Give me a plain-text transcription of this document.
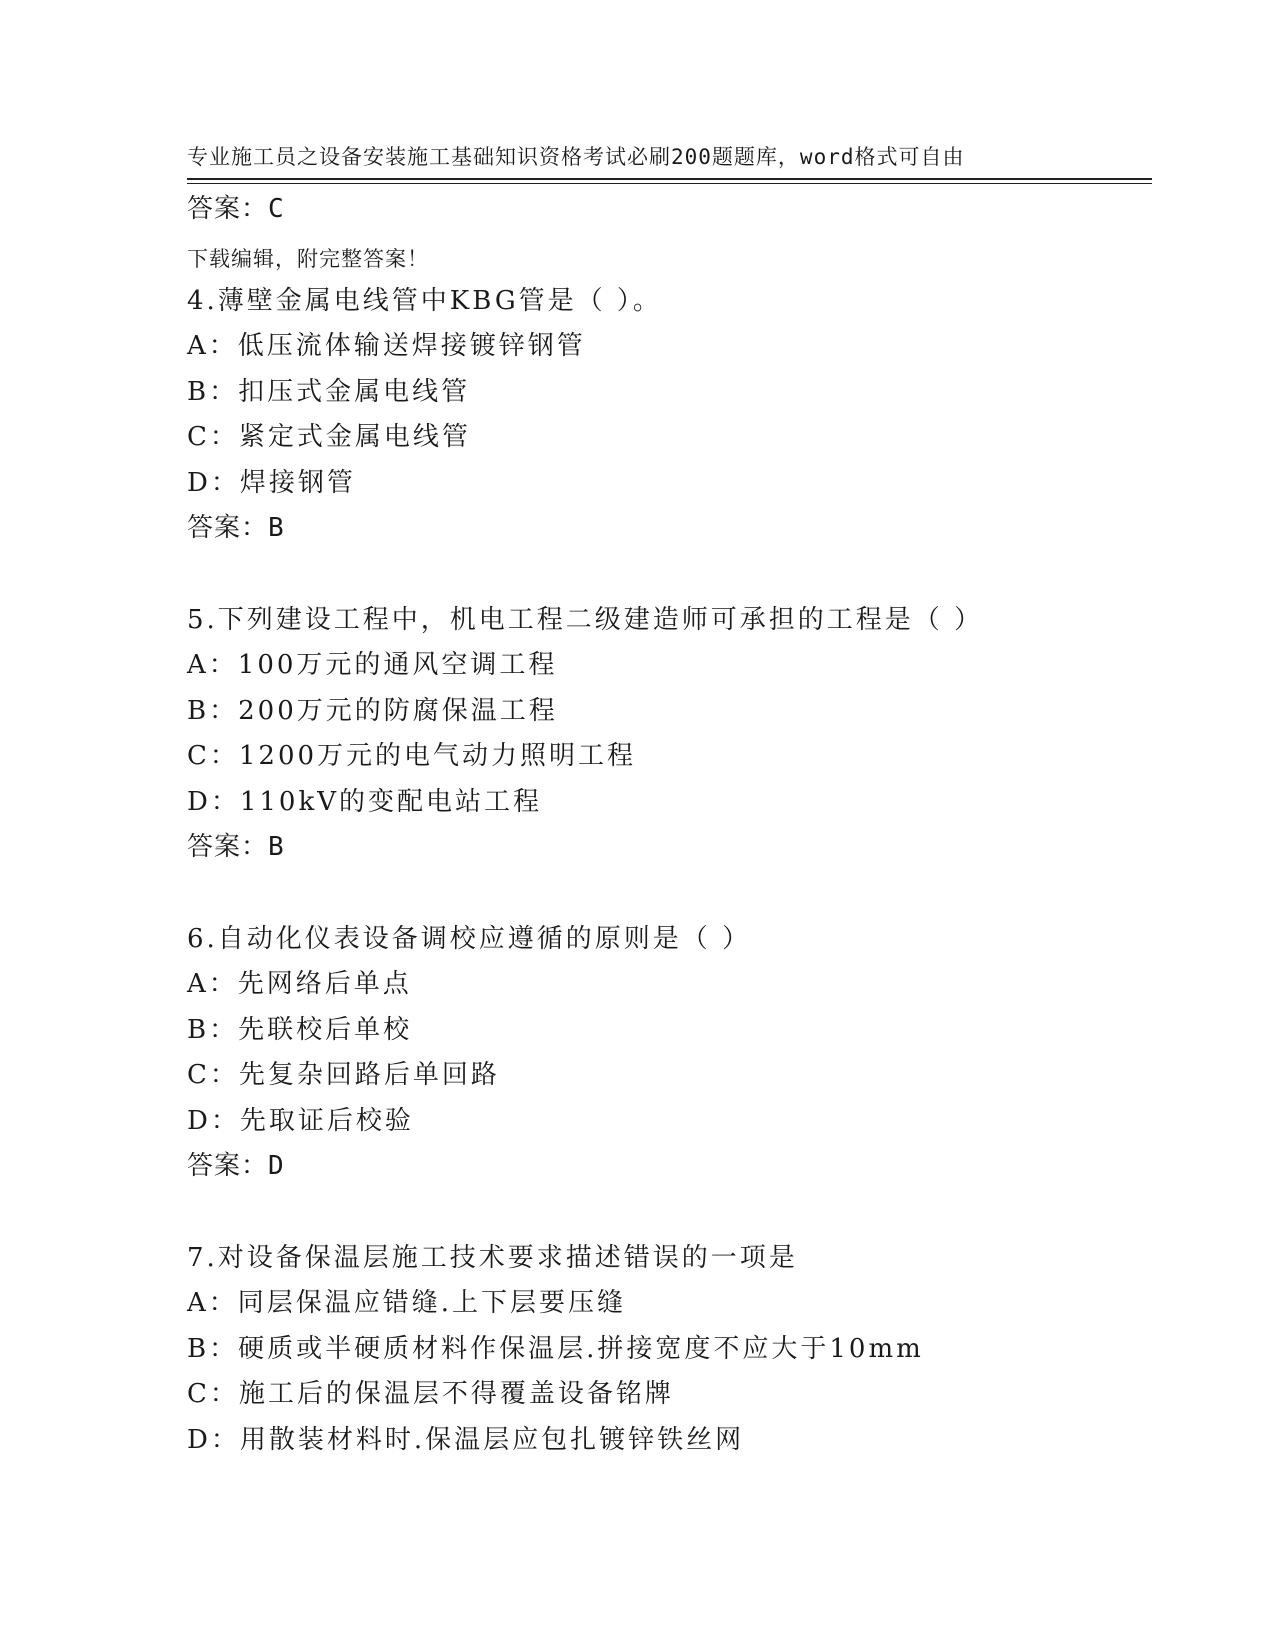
专业施工员之设备安装施工基础知识资格考试必刷200题题库，word格式可自由

下载编辑，附完整答案！

答案：C
4.薄壁金属电线管中KBG管是（ ）。
A：低压流体输送焊接镀锌钢管
B：扣压式金属电线管
C：紧定式金属电线管
D：焊接钢管
答案：B
5.下列建设工程中，机电工程二级建造师可承担的工程是（ ）
A：100万元的通风空调工程
B：200万元的防腐保温工程
C：1200万元的电气动力照明工程
D：110kV的变配电站工程
答案：B
6.自动化仪表设备调校应遵循的原则是（ ）
A：先网络后单点
B：先联校后单校
C：先复杂回路后单回路
D：先取证后校验
答案：D
7.对设备保温层施工技术要求描述错误的一项是
A：同层保温应错缝.上下层要压缝
B：硬质或半硬质材料作保温层.拼接宽度不应大于10mm
C：施工后的保温层不得覆盖设备铭牌
D：用散装材料时.保温层应包扎镀锌铁丝网
